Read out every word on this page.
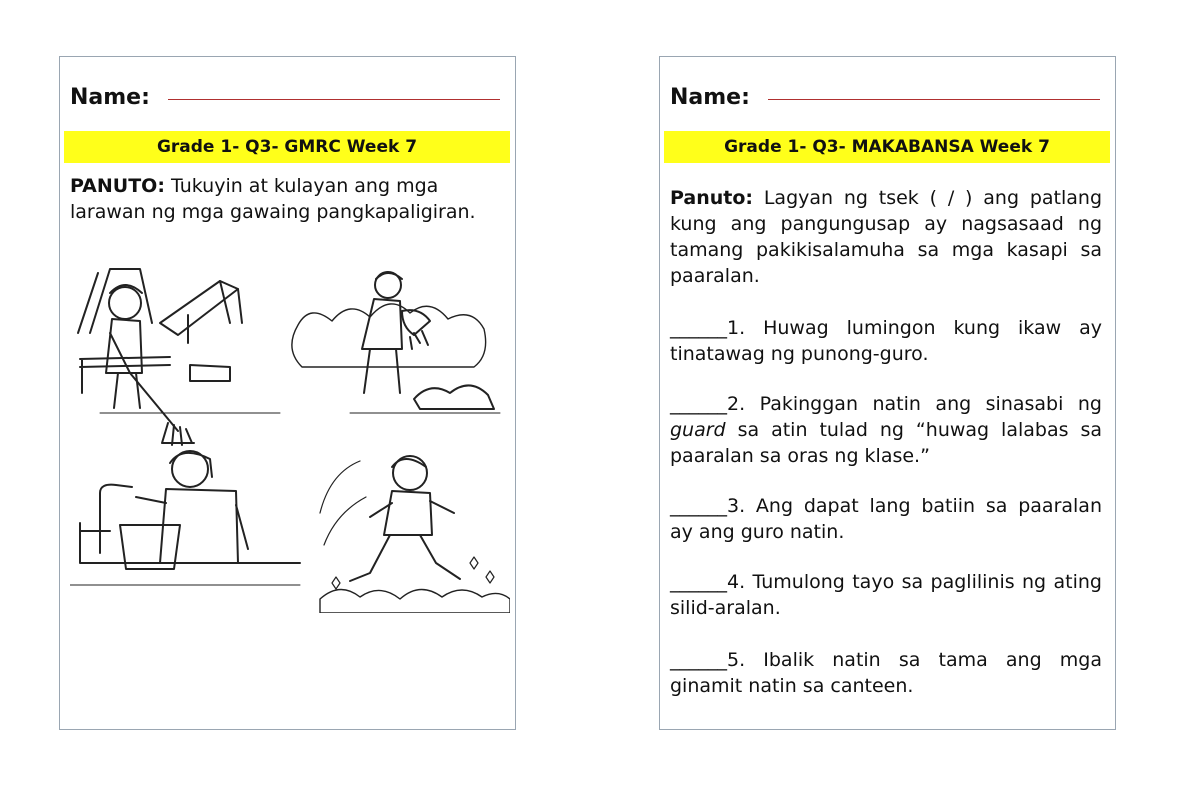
Name:
Grade 1- Q3- GMRC Week 7
PANUTO: Tukuyin at kulayan ang mga larawan ng mga gawaing pangkapaligiran.
Name:
Grade 1- Q3- MAKABANSA Week 7
Panuto: Lagyan ng tsek ( / ) ang patlang kung ang pangungusap ay nagsasaad ng tamang pakikisalamuha sa mga kasapi sa paaralan.
______1. Huwag lumingon kung ikaw ay tinatawag ng punong-guro.
______2. Pakinggan natin ang sinasabi ng guard sa atin tulad ng “huwag lalabas sa paaralan sa oras ng klase.”
______3. Ang dapat lang batiin sa paaralan ay ang guro natin.
______4. Tumulong tayo sa paglilinis ng ating silid-aralan.
______5. Ibalik natin sa tama ang mga ginamit natin sa canteen.
